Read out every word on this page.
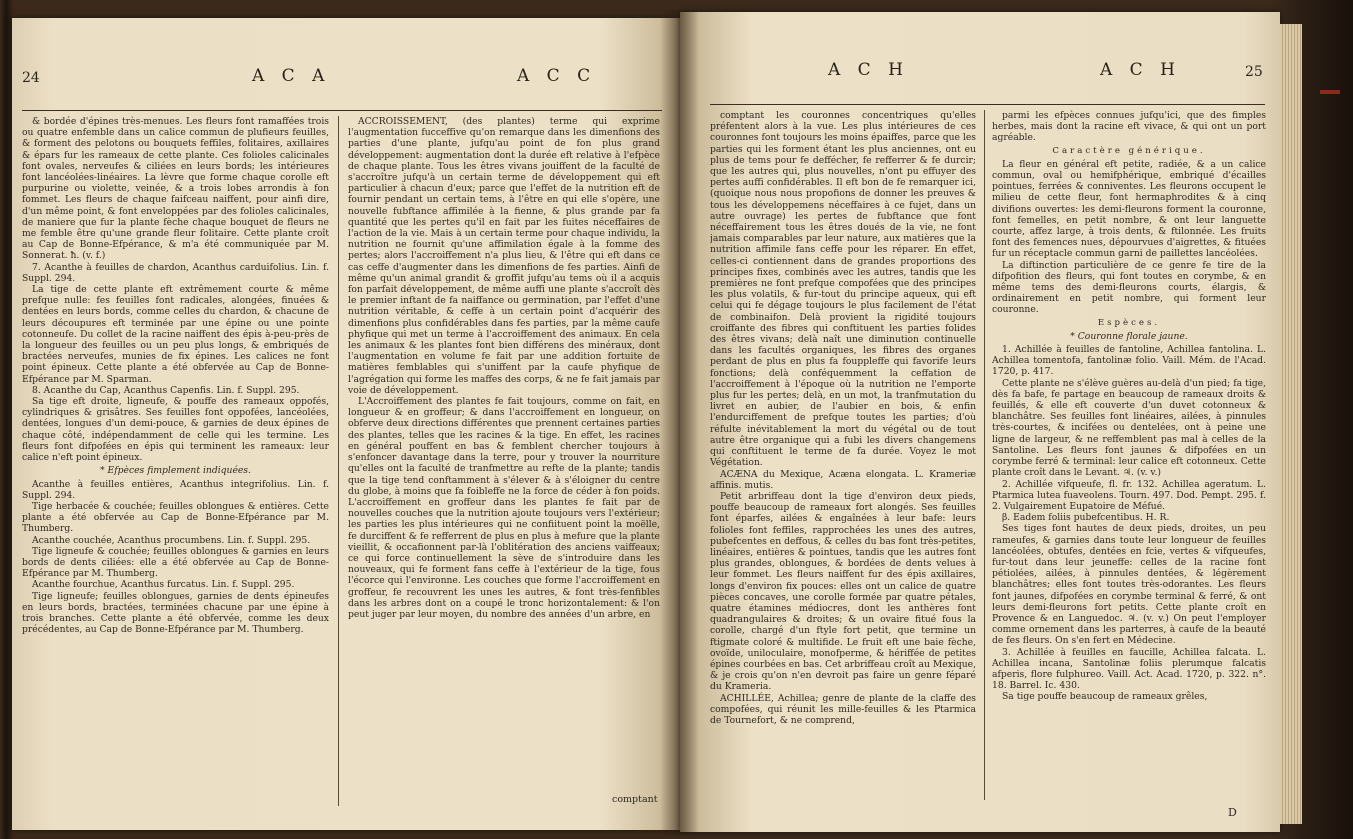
24	A C A	A C C

& bordée d'épines très-menues. Les fleurs font ramaffées trois ou quatre enfemble dans un calice commun de plufieurs feuilles, & forment des pelotons ou bouquets feffiles, folitaires, axillaires & épars fur les rameaux de cette plante. Ces folioles calicinales font ovales, nerveufes & ciliées en leurs bords; les intérieures font lancéolées-linéaires. La lèvre que forme chaque corolle eft purpurine ou violette, veinée, & a trois lobes arrondis à fon fommet. Les fleurs de chaque faifceau naiffent, pour ainfi dire, d'un même point, & font enveloppées par des folioles calicinales, de maniere que fur la plante fèche chaque bouquet de fleurs ne me femble être qu'une grande fleur folitaire. Cette plante croît au Cap de Bonne-Efpérance, & m'a été communiquée par M. Sonnerat. ħ. (v. f.)

7. Acanthe à feuilles de chardon, Acanthus carduifolius. Lin. f. Suppl. 294.

La tige de cette plante eft extrêmement courte & même prefque nulle: fes feuilles font radicales, alongées, finuées & dentées en leurs bords, comme celles du chardon, & chacune de leurs découpures eft terminée par une épine ou une pointe cotonneufe. Du collet de la racine naiffent des épis à-peu-près de la longueur des feuilles ou un peu plus longs, & embriqués de bractées nerveufes, munies de fix épines. Les calices ne font point épineux. Cette plante a été obfervée au Cap de Bonne-Efpérance par M. Sparman.

8. Acanthe du Cap, Acanthus Capenfis. Lin. f. Suppl. 295.

Sa tige eft droite, ligneufe, & pouffe des rameaux oppofés, cylindriques & grisâtres. Ses feuilles font oppofées, lancéolées, dentées, longues d'un demi-pouce, & garnies de deux épines de chaque côté, indépendamment de celle qui les termine. Les fleurs font difpofées en épis qui terminent les rameaux: leur calice n'eft point épineux.

* Efpèces fimplement indiquées.

Acanthe à feuilles entières, Acanthus integrifolius. Lin. f. Suppl. 294.

Tige herbacée & couchée; feuilles oblongues & entières. Cette plante a été obfervée au Cap de Bonne-Efpérance par M. Thumberg.

Acanthe couchée, Acanthus procumbens. Lin. f. Suppl. 295.

Tige ligneufe & couchée; feuilles oblongues & garnies en leurs bords de dents ciliées: elle a été obfervée au Cap de Bonne-Efpérance par M. Thumberg.

Acanthe fourchue, Acanthus furcatus. Lin. f. Suppl. 295.

Tige ligneufe; feuilles oblongues, garnies de dents épineufes en leurs bords, bractées, terminées chacune par une épine à trois branches. Cette plante a été obfervée, comme les deux précédentes, au Cap de Bonne-Efpérance par M. Thumberg.

ACCROISSEMENT, (des plantes) terme qui exprime l'augmentation fucceffive qu'on remarque dans les dimenfions des parties d'une plante, jufqu'au point de fon plus grand développement: augmentation dont la durée eft relative à l'efpèce de chaque plante. Tous les êtres vivans jouiffent de la faculté de s'accroître jufqu'à un certain terme de développement qui eft particulier à chacun d'eux; parce que l'effet de la nutrition eft de fournir pendant un certain tems, à l'être en qui elle s'opère, une nouvelle fubftance affimilée à la fienne, & plus grande par fa quantité que les pertes qu'il en fait par les fuites néceffaires de l'action de la vie. Mais à un certain terme pour chaque individu, la nutrition ne fournit qu'une affimilation égale à la fomme des pertes; alors l'accroiffement n'a plus lieu, & l'être qui eft dans ce cas ceffe d'augmenter dans les dimenfions de fes parties. Ainfi de même qu'un animal grandit & groffit jufqu'au tems où il a acquis fon parfait développement, de même auffi une plante s'accroît dès le premier inftant de fa naiffance ou germination, par l'effet d'une nutrition véritable, & ceffe à un certain point d'acquérir des dimenfions plus confidérables dans fes parties, par la même caufe phyfique qui met un terme à l'accroiffement des animaux. En cela les animaux & les plantes font bien différens des minéraux, dont l'augmentation en volume fe fait par une addition fortuite de matières femblables qui s'uniffent par la caufe phyfique de l'agrégation qui forme les maffes des corps, & ne fe fait jamais par voie de développement.

L'Accroiffement des plantes fe fait toujours, comme on fait, en longueur & en groffeur; & dans l'accroiffement en longueur, on obferve deux directions différentes que prennent certaines parties des plantes, telles que les racines & la tige. En effet, les racines en général pouffent en bas & femblent chercher toujours à s'enfoncer davantage dans la terre, pour y trouver la nourriture qu'elles ont la faculté de tranfmettre au refte de la plante; tandis que la tige tend conftamment à s'élever & à s'éloigner du centre du globe, à moins que fa foibleffe ne la force de céder à fon poids. L'accroiffement en groffeur dans les plantes fe fait par de nouvelles couches que la nutrition ajoute toujours vers l'extérieur; les parties les plus intérieures qui ne confiituent point la moëlle, fe durciffent & fe refferrent de plus en plus à mefure que la plante vieillit, & occafionnent par-là l'oblitération des anciens vaiffeaux; ce qui force continuellement la sève de s'introduire dans les nouveaux, qui fe forment fans ceffe à l'extérieur de la tige, fous l'écorce qui l'environne. Les couches que forme l'accroiffement en groffeur, fe recouvrent les unes les autres, & font très-fenfibles dans les arbres dont on a coupé le tronc horizontalement: & l'on peut juger par leur moyen, du nombre des années d'un arbre, en

comptant
A C H	A C H	25

comptant les couronnes concentriques qu'elles préfentent alors à la vue. Les plus intérieures de ces couronnes font toujours les moins épaiffes, parce que les parties qui les forment étant les plus anciennes, ont eu plus de tems pour fe deffécher, fe refferrer & fe durcir; que les autres qui, plus nouvelles, n'ont pu effuyer des pertes auffi confidérables. Il eft bon de fe remarquer ici, (quoique nous nous propofions de donner les preuves & tous les développemens néceffaires à ce fujet, dans un autre ouvrage) les pertes de fubftance que font néceffairement tous les êtres doués de la vie, ne font jamais comparables par leur nature, aux matières que la nutrition affimile fans ceffe pour les réparer. En effet, celles-ci contiennent dans de grandes proportions des principes fixes, combinés avec les autres, tandis que les premières ne font prefque compofées que des principes les plus volatils, & fur-tout du principe aqueux, qui eft celui qui fe dégage toujours le plus facilement de l'état de combinaifon. Delà provient la rigidité toujours croiffante des fibres qui conftituent les parties folides des êtres vivans; delà naît une diminution continuelle dans les facultés organiques, les fibres des organes perdant de plus en plus fa fouppleffe qui favorife leurs fonctions; delà conféquemment la ceffation de l'accroiffement à l'époque où la nutrition ne l'emporte plus fur les pertes; delà, en un mot, la tranfmutation du livret en aubier, de l'aubier en bois, & enfin l'endurciffement de prefque toutes les parties; d'où réfulte inévitablement la mort du végétal ou de tout autre être organique qui a fubi les divers changemens qui conftituent le terme de fa durée. Voyez le mot Végétation.

ACÆNA du Mexique, Acæna elongata. L. Krameriæ affinis. mutis.

Petit arbriffeau dont la tige d'environ deux pieds, pouffe beaucoup de rameaux fort alongés. Ses feuilles font éparfes, ailées & engaînées à leur bafe: leurs folioles font feffiles, rapprochées les unes des autres, pubefcentes en deffous, & celles du bas font très-petites, linéaires, entières & pointues, tandis que les autres font plus grandes, oblongues, & bordées de dents velues à leur fommet. Les fleurs naiffent fur des épis axillaires, longs d'environ fix pouces: elles ont un calice de quatre pièces concaves, une corolle formée par quatre pétales, quatre étamines médiocres, dont les anthères font quadrangulaires & droites; & un ovaire fitué fous la corolle, chargé d'un ftyle fort petit, que termine un ftigmate coloré & multifide. Le fruit eft une baie fèche, ovoïde, uniloculaire, monofperme, & hériffée de petites épines courbées en bas. Cet arbriffeau croît au Mexique, & je crois qu'on n'en devroit pas faire un genre féparé du Krameria.

ACHILLÉE, Achillea; genre de plante de la claffe des compofées, qui réunit les mille-feuilles & les Ptarmica de Tournefort, & ne comprend,

parmi les efpèces connues jufqu'ici, que des fimples herbes, mais dont la racine eft vivace, & qui ont un port agréable.

Caractère générique.

La fleur en général eft petite, radiée, & a un calice commun, oval ou hemifphérique, embriqué d'écailles pointues, ferrées & conniventes. Les fleurons occupent le milieu de cette fleur, font hermaphrodites & à cinq divifions ouvertes: les demi-fleurons forment la couronne, font femelles, en petit nombre, & ont leur languette courte, affez large, à trois dents, & ftilonnée. Les fruits font des femences nues, dépourvues d'aigrettes, & fituées fur un réceptacle commun garni de paillettes lancéolées.

La diftinction particulière de ce genre fe tire de la difpofition des fleurs, qui font toutes en corymbe, & en même tems des demi-fleurons courts, élargis, & ordinairement en petit nombre, qui forment leur couronne.

Espèces.

* Couronne florale jaune.

1. Achillée à feuilles de fantoline, Achillea fantolina. L. Achillea tomentofa, fantolinæ folio. Vaill. Mém. de l'Acad. 1720, p. 417.

Cette plante ne s'élève guères au-delà d'un pied; fa tige, dès fa bafe, fe partage en beaucoup de rameaux droits & feuillés, & elle eft couverte d'un duvet cotonneux & blanchâtre. Ses feuilles font linéaires, ailées, à pinnules très-courtes, & incifées ou dentelées, ont à peine une ligne de largeur, & ne reffemblent pas mal à celles de la Santoline. Les fleurs font jaunes & difpofées en un corymbe ferré & terminal: leur calice eft cotonneux. Cette plante croît dans le Levant. ♃. (v. v.)

2. Achillée vifqueufe, fl. fr. 132. Achillea ageratum. L. Ptarmica lutea fuaveolens. Tourn. 497. Dod. Pempt. 295. f. 2. Vulgairement Eupatoire de Méfué.

β. Eadem foliis pubefcentibus. H. R.

Ses tiges font hautes de deux pieds, droites, un peu rameufes, & garnies dans toute leur longueur de feuilles lancéolées, obtufes, dentées en fcie, vertes & vifqueufes, fur-tout dans leur jeuneffe: celles de la racine font pétiolées, ailées, à pinnules dentées, & légèrement blanchâtres; elles font toutes très-odorantes. Les fleurs font jaunes, difpofées en corymbe terminal & ferré, & ont leurs demi-fleurons fort petits. Cette plante croît en Provence & en Languedoc. ♃. (v. v.) On peut l'employer comme ornement dans les parterres, à caufe de la beauté de fes fleurs. On s'en fert en Médecine.

3. Achillée à feuilles en faucille, Achillea falcata. L. Achillea incana, Santolinæ foliis plerumque falcatis afperis, flore fulphureo. Vaill. Act. Acad. 1720, p. 322. n°. 18. Barrel. Ic. 430.

Sa tige pouffe beaucoup de rameaux grêles,

D
